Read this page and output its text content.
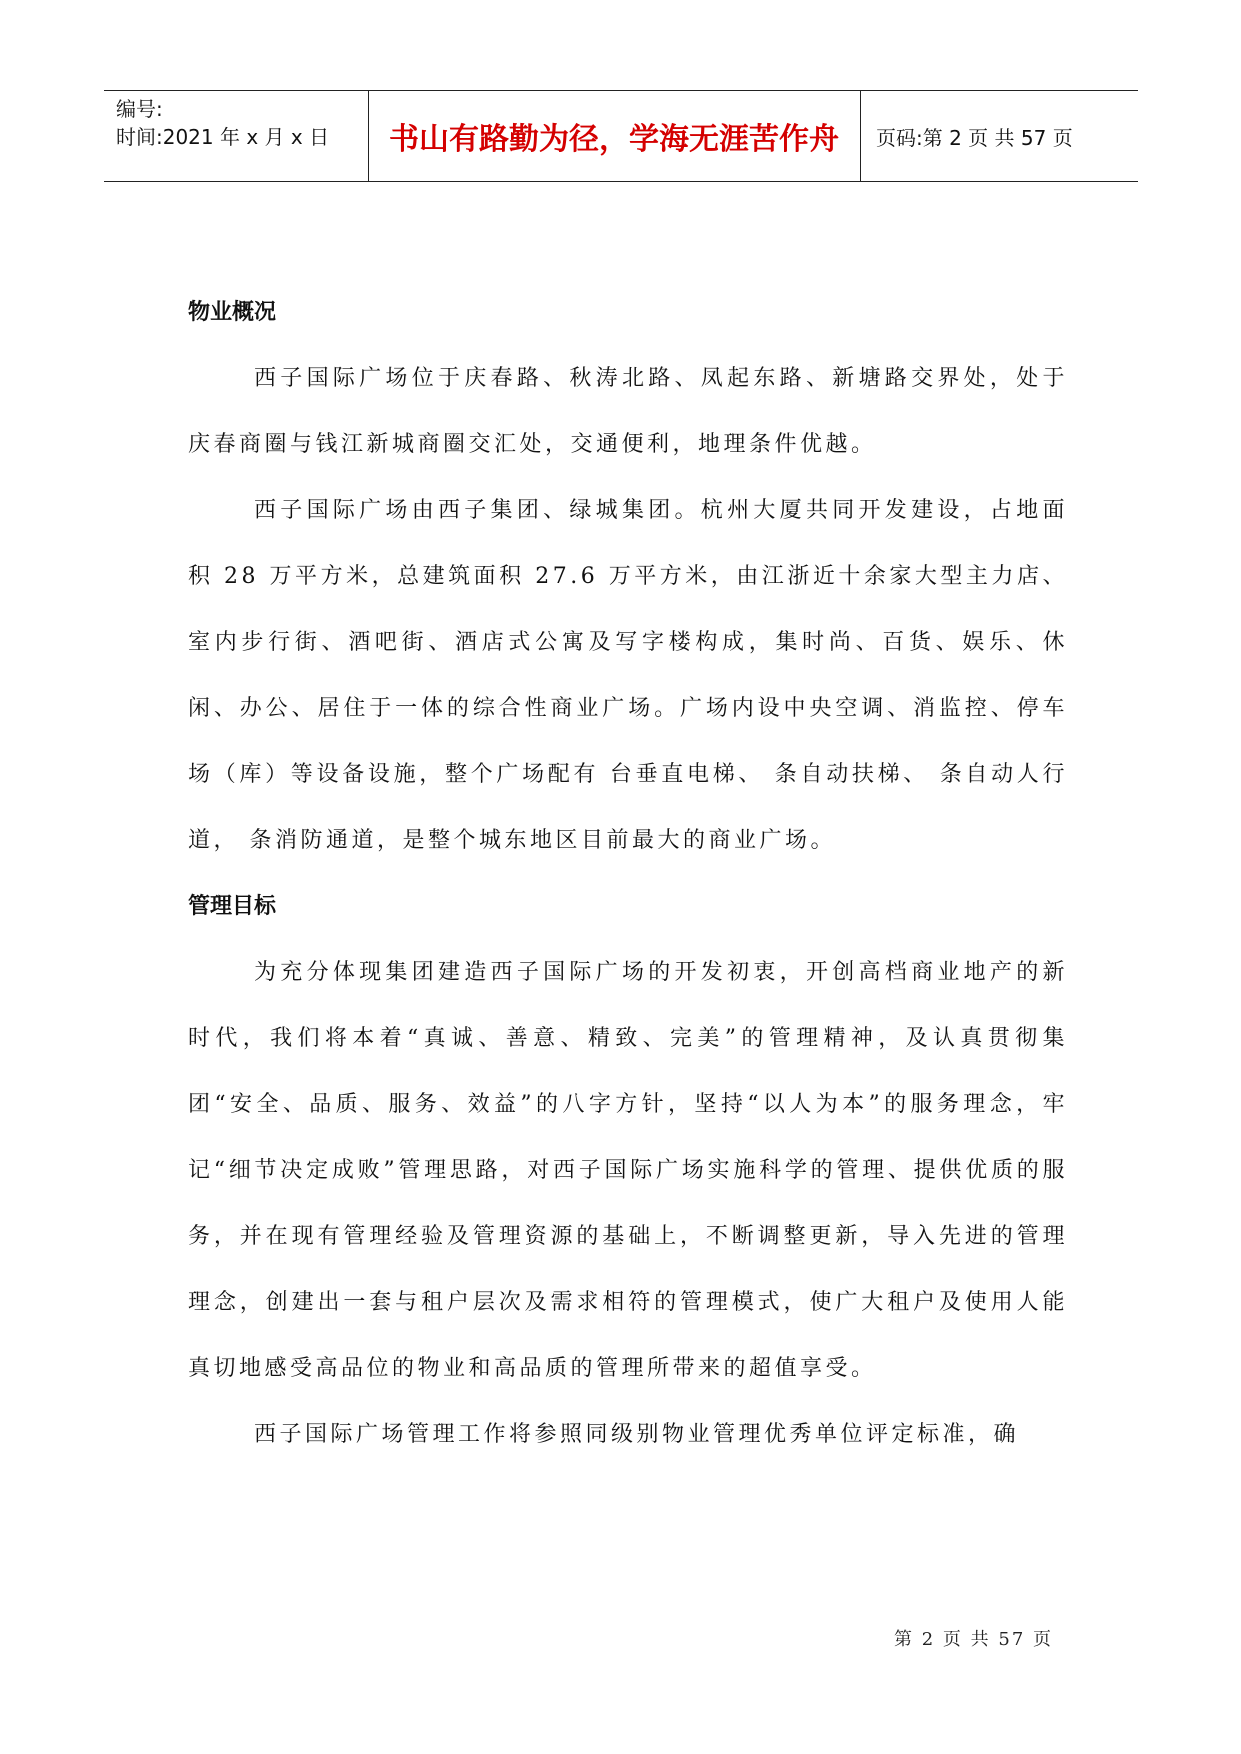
编号:
时间:2021 年 x 月 x 日	书山有路勤为径，学海无涯苦作舟	页码:第 2 页 共 57 页
物业概况

西子国际广场位于庆春路、秋涛北路、凤起东路、新塘路交界处，处于庆春商圈与钱江新城商圈交汇处，交通便利，地理条件优越。

西子国际广场由西子集团、绿城集团。杭州大厦共同开发建设，占地面积 28 万平方米，总建筑面积 27.6 万平方米，由江浙近十余家大型主力店、室内步行街、酒吧街、酒店式公寓及写字楼构成，集时尚、百货、娱乐、休闲、办公、居住于一体的综合性商业广场。广场内设中央空调、消监控、停车场（库）等设备设施，整个广场配有 台垂直电梯、 条自动扶梯、 条自动人行道， 条消防通道，是整个城东地区目前最大的商业广场。

管理目标

为充分体现集团建造西子国际广场的开发初衷，开创高档商业地产的新时代，我们将本着“真诚、善意、精致、完美”的管理精神，及认真贯彻集团“安全、品质、服务、效益”的八字方针，坚持“以人为本”的服务理念，牢记“细节决定成败”管理思路，对西子国际广场实施科学的管理、提供优质的服务，并在现有管理经验及管理资源的基础上，不断调整更新，导入先进的管理理念，创建出一套与租户层次及需求相符的管理模式，使广大租户及使用人能真切地感受高品位的物业和高品质的管理所带来的超值享受。

西子国际广场管理工作将参照同级别物业管理优秀单位评定标准，确

第 2 页 共 57 页
